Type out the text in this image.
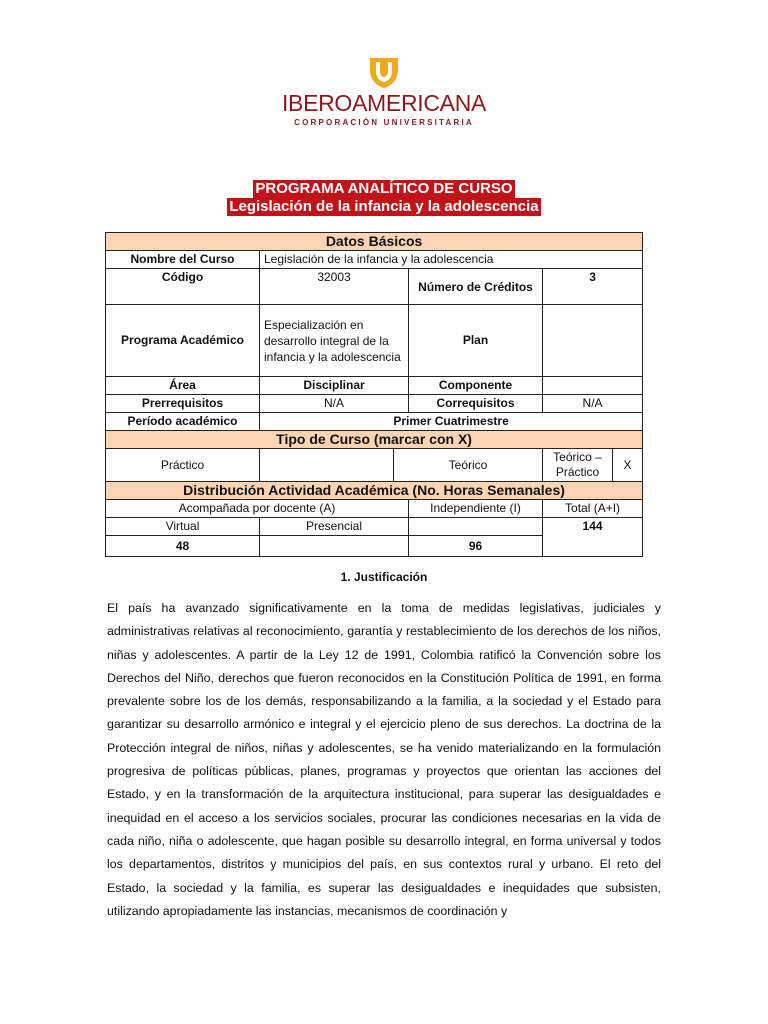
IBEROAMERICANA
CORPORACIÓN UNIVERSITARIA
PROGRAMA ANALÍTICO DE CURSO
Legislación de la infancia y la adolescencia
Datos Básicos					
Nombre del Curso	Legislación de la infancia y la adolescencia				
Código	32003		Número de Créditos	3	
Programa Académico	Especialización en desarrollo integral de la infancia y la adolescencia		Plan		
Área	Disciplinar		Componente		
Prerrequisitos	N/A		Correquisitos	N/A	
Período académico	Primer Cuatrimestre				
Tipo de Curso (marcar con X)					
Práctico		Teórico		Teórico – Práctico	X
Distribución Actividad Académica (No. Horas Semanales)					
Acompañada por docente (A)			Independiente (I)	Total (A+I)	
Virtual	Presencial			144	
48			96		
1. Justificación
El país ha avanzado significativamente en la toma de medidas legislativas, judiciales y administrativas relativas al reconocimiento, garantía y restablecimiento de los derechos de los niños, niñas y adolescentes. A partir de la Ley 12 de 1991, Colombia ratificó la Convención sobre los Derechos del Niño, derechos que fueron reconocidos en la Constitución Política de 1991, en forma prevalente sobre los de los demás, responsabilizando a la familia, a la sociedad y el Estado para garantizar su desarrollo armónico e integral y el ejercicio pleno de sus derechos. La doctrina de la Protección integral de niños, niñas y adolescentes, se ha venido materializando en la formulación progresiva de políticas públicas, planes, programas y proyectos que orientan las acciones del Estado, y en la transformación de la arquitectura institucional, para superar las desigualdades e inequidad en el acceso a los servicios sociales, procurar las condiciones necesarias en la vida de cada niño, niña o adolescente, que hagan posible su desarrollo integral, en forma universal y todos los departamentos, distritos y municipios del país, en sus contextos rural y urbano. El reto del Estado, la sociedad y la familia, es superar las desigualdades e inequidades que subsisten, utilizando apropiadamente las instancias, mecanismos de coordinación y
